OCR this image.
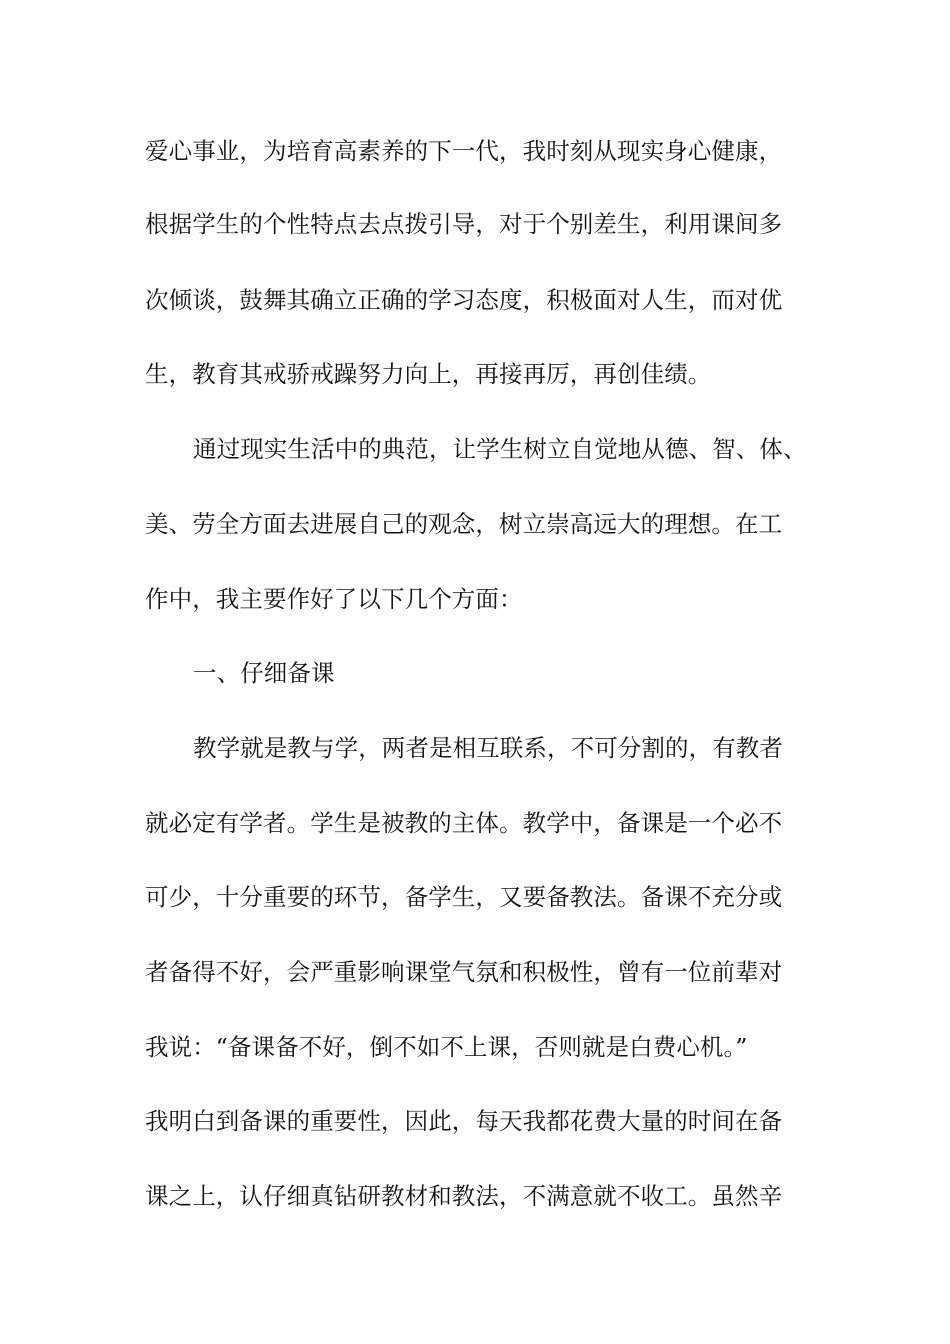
爱心事业，为培育高素养的下一代，我时刻从现实身心健康，
根据学生的个性特点去点拨引导，对于个别差生，利用课间多
次倾谈，鼓舞其确立正确的学习态度，积极面对人生，而对优
生，教育其戒骄戒躁努力向上，再接再厉，再创佳绩。
通过现实生活中的典范，让学生树立自觉地从德、智、体、
美、劳全方面去进展自己的观念，树立崇高远大的理想。在工
作中，我主要作好了以下几个方面：
一、仔细备课
教学就是教与学，两者是相互联系，不可分割的，有教者
就必定有学者。学生是被教的主体。教学中，备课是一个必不
可少，十分重要的环节，备学生，又要备教法。备课不充分或
者备得不好，会严重影响课堂气氛和积极性，曾有一位前辈对
我说：“备课备不好，倒不如不上课，否则就是白费心机。”
我明白到备课的重要性，因此，每天我都花费大量的时间在备
课之上，认仔细真钻研教材和教法，不满意就不收工。虽然辛
